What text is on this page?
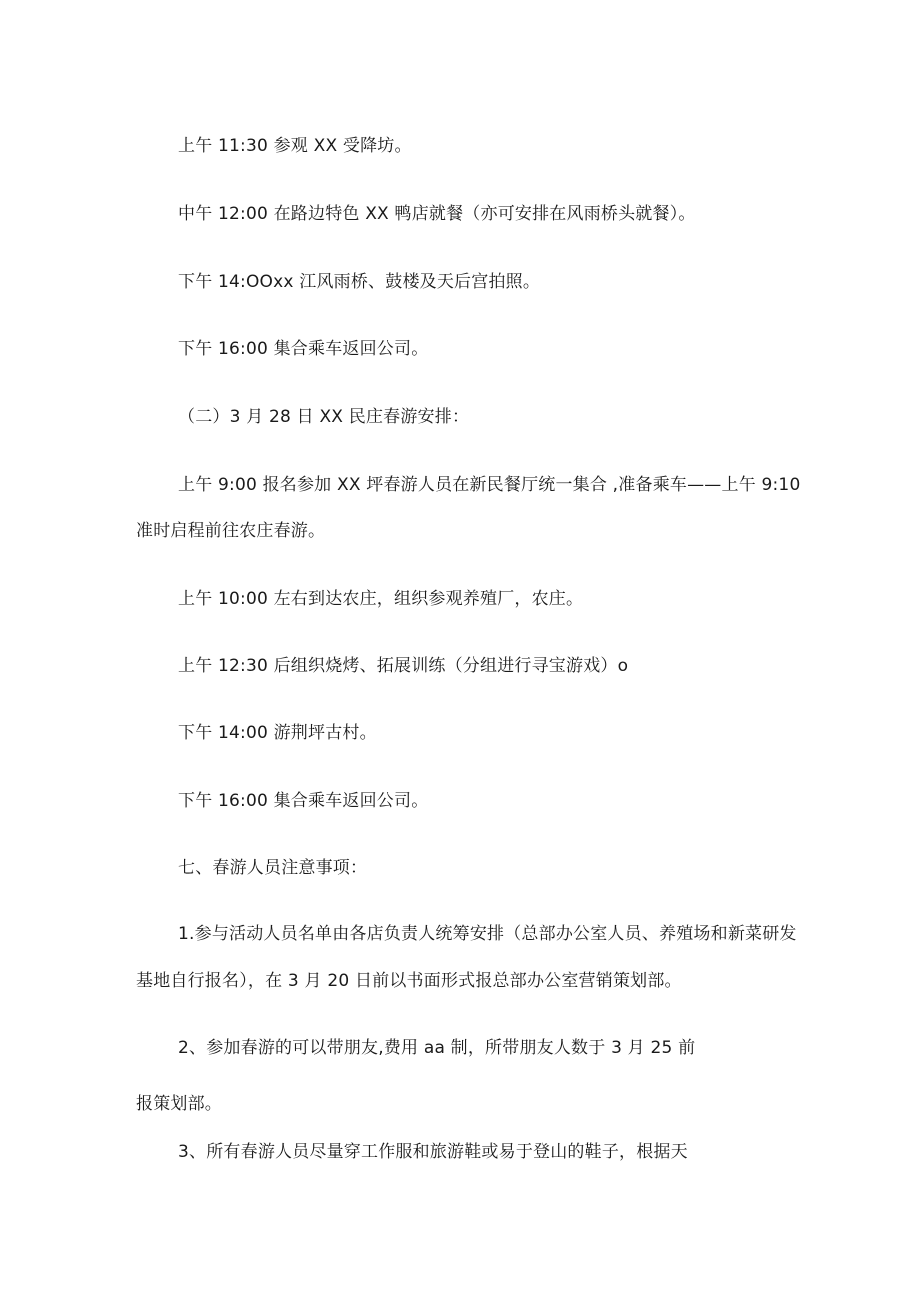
上午 11:30 参观 XX 受降坊。
中午 12:00 在路边特色 XX 鸭店就餐（亦可安排在风雨桥头就餐）。
下午 14:OOxx 江风雨桥、鼓楼及天后宫拍照。
下午 16:00 集合乘车返回公司。
（二）3 月 28 日 XX 民庄春游安排：
上午 9:00 报名参加 XX 坪春游人员在新民餐厅统一集合 ,准备乘车——上午 9:10
准时启程前往农庄春游。
上午 10:00 左右到达农庄，组织参观养殖厂，农庄。
上午 12:30 后组织烧烤、拓展训练（分组进行寻宝游戏）o
下午 14:00 游荆坪古村。
下午 16:00 集合乘车返回公司。
七、春游人员注意事项：
1.参与活动人员名单由各店负责人统筹安排（总部办公室人员、养殖场和新菜研发
基地自行报名），在 3 月 20 日前以书面形式报总部办公室营销策划部。
2、参加春游的可以带朋友,费用 aa 制，所带朋友人数于 3 月 25 前
报策划部。
3、所有春游人员尽量穿工作服和旅游鞋或易于登山的鞋子，根据天
